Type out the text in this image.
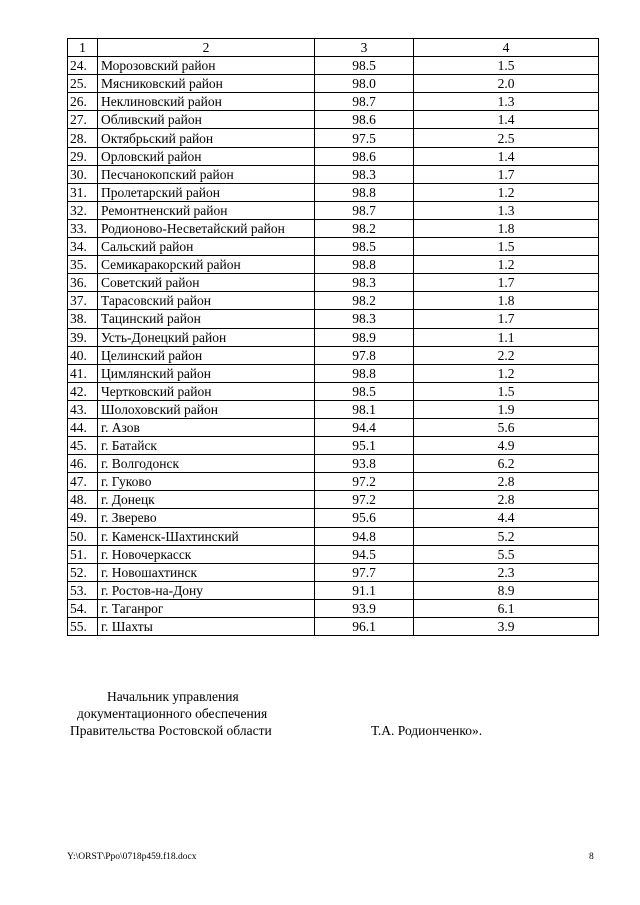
1	2	3	4
24.	Морозовский район	98.5	1.5
25.	Мясниковский район	98.0	2.0
26.	Неклиновский район	98.7	1.3
27.	Обливский район	98.6	1.4
28.	Октябрьский район	97.5	2.5
29.	Орловский район	98.6	1.4
30.	Песчанокопский район	98.3	1.7
31.	Пролетарский район	98.8	1.2
32.	Ремонтненский район	98.7	1.3
33.	Родионово-Несветайский район	98.2	1.8
34.	Сальский район	98.5	1.5
35.	Семикаракорский район	98.8	1.2
36.	Советский район	98.3	1.7
37.	Тарасовский район	98.2	1.8
38.	Тацинский район	98.3	1.7
39.	Усть-Донецкий район	98.9	1.1
40.	Целинский район	97.8	2.2
41.	Цимлянский район	98.8	1.2
42.	Чертковский район	98.5	1.5
43.	Шолоховский район	98.1	1.9
44.	г. Азов	94.4	5.6
45.	г. Батайск	95.1	4.9
46.	г. Волгодонск	93.8	6.2
47.	г. Гуково	97.2	2.8
48.	г. Донецк	97.2	2.8
49.	г. Зверево	95.6	4.4
50.	г. Каменск-Шахтинский	94.8	5.2
51.	г. Новочеркасск	94.5	5.5
52.	г. Новошахтинск	97.7	2.3
53.	г. Ростов-на-Дону	91.1	8.9
54.	г. Таганрог	93.9	6.1
55.	г. Шахты	96.1	3.9
Начальник управления
документационного обеспечения
Правительства Ростовской области	Т.А. Родионченко».
Y:\ORST\Ppo\0718p459.f18.docx	8
